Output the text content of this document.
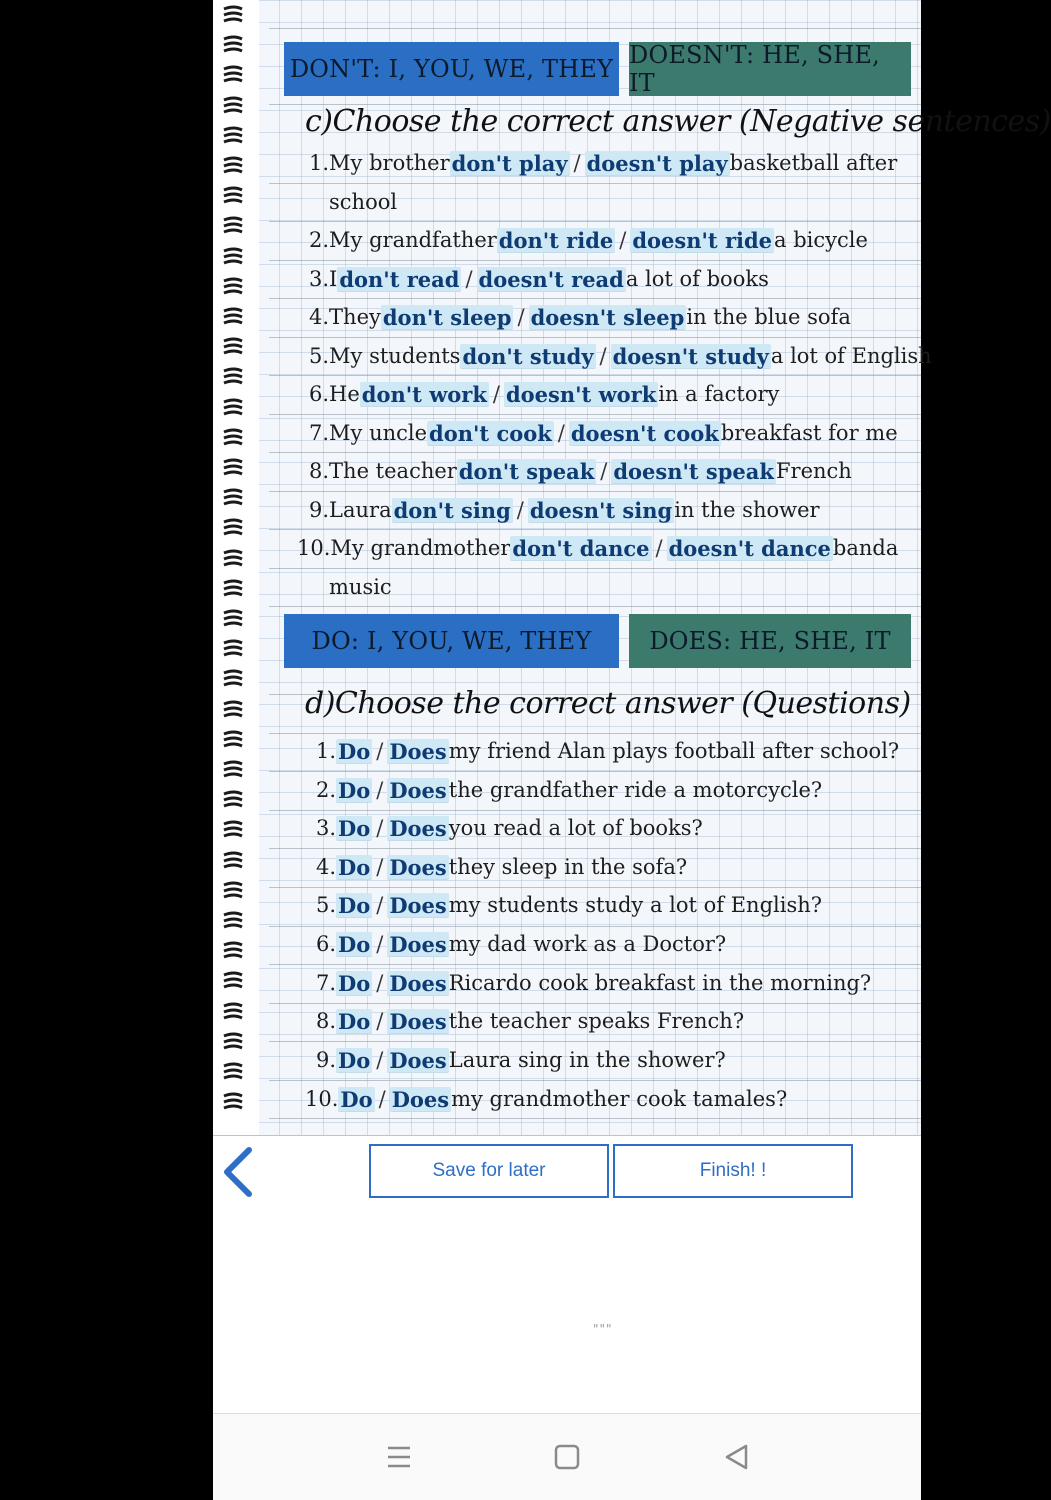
DON'T: I, YOU, WE, THEY DOESN'T: HE, SHE, IT
c)Choose the correct answer (Negative sentences)
1. My brother don't play / doesn't play basketball after
school
2. My grandfather don't ride / doesn't ride a bicycle
3. I don't read / doesn't read a lot of books
4. They don't sleep / doesn't sleep in the blue sofa
5. My students don't study / doesn't study a lot of English
6. He don't work / doesn't work in a factory
7. My uncle don't cook / doesn't cook breakfast for me
8. The teacher don't speak / doesn't speak French
9. Laura don't sing / doesn't sing in the shower
10. My grandmother don't dance / doesn't dance banda
music
DO: I, YOU, WE, THEY DOES: HE, SHE, IT
d)Choose the correct answer (Questions)
1. Do / Does my friend Alan plays football after school?
2. Do / Does the grandfather ride a motorcycle?
3. Do / Does you read a lot of books?
4. Do / Does they sleep in the sofa?
5. Do / Does my students study a lot of English?
6. Do / Does my dad work as a Doctor?
7. Do / Does Ricardo cook breakfast in the morning?
8. Do / Does the teacher speaks French?
9. Do / Does Laura sing in the shower?
10. Do / Does my grandmother cook tamales?
Save for later	Finish! !
"""
